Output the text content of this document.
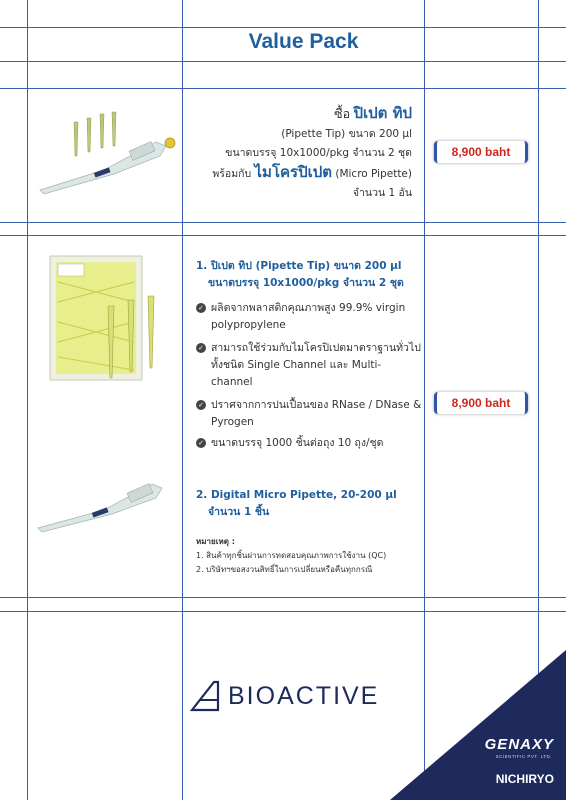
Value Pack
ซื้อ ปิเปต ทิป
(Pipette Tip) ขนาด 200 µl
ขนาดบรรจุ 10x1000/pkg จำนวน 2 ชุด
พร้อมกับ ไมโครปิเปต (Micro Pipette)
จำนวน 1 อัน
8,900 baht
1. ปิเปต ทิป (Pipette Tip) ขนาด 200 µl
ขนาดบรรจุ 10x1000/pkg จำนวน 2 ชุด
✓ ผลิตจากพลาสติกคุณภาพสูง 99.9% virgin polypropylene
✓ สามารถใช้ร่วมกับไมโครปิเปตมาตราฐานทั่วไปทั้งชนิด Single Channel และ Multi-channel
✓ ปราศจากการปนเปื้อนของ RNase / DNase & Pyrogen
✓ ขนาดบรรจุ 1000 ชิ้นต่อถุง 10 ถุง/ชุด
8,900 baht
2. Digital Micro Pipette, 20-200 µl
จำนวน 1 ชิ้น
หมายเหตุ :
1. สินค้าทุกชิ้นผ่านการทดสอบคุณภาพการใช้งาน (QC)
2. บริษัทฯขอสงวนสิทธิ์ในการเปลี่ยนหรือคืนทุกกรณี
BIOACTIVE
GENAXY
SCIENTIFIC PVT. LTD.
NICHIRYO
